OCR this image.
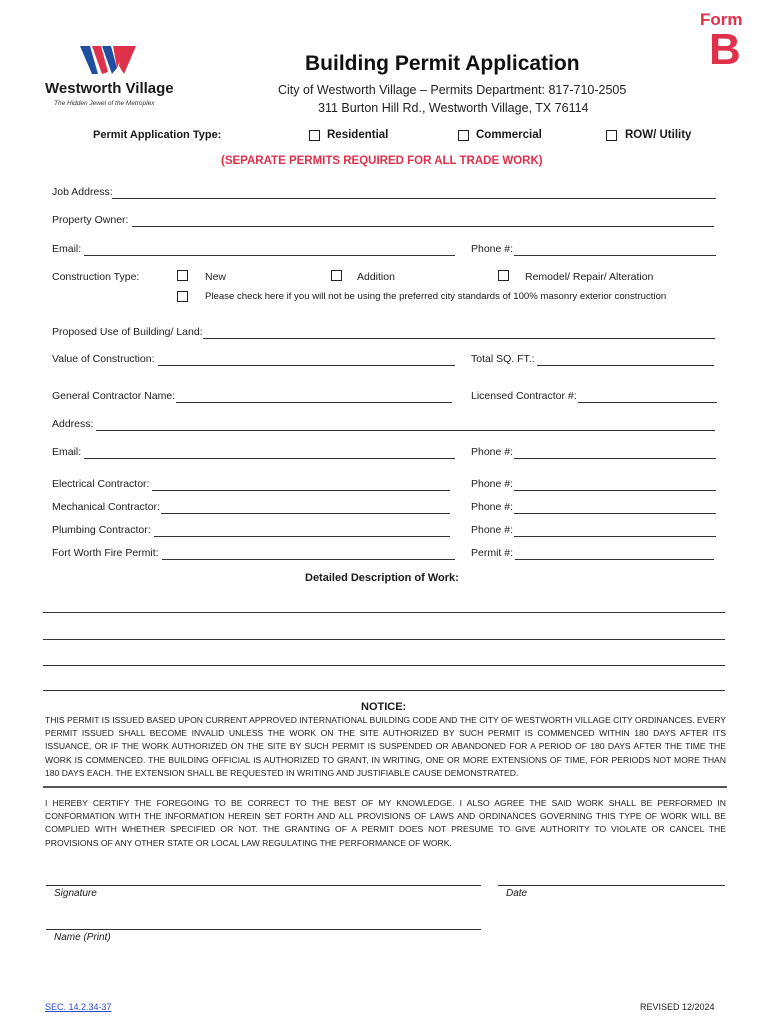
Form
B
Westworth Village
The Hidden Jewel of the Metroplex
Building Permit Application
City of Westworth Village – Permits Department: 817-710-2505
311 Burton Hill Rd., Westworth Village, TX 76114
Permit Application Type:	Residential	Commercial	ROW/ Utility
(SEPARATE PERMITS REQUIRED FOR ALL TRADE WORK)
Job Address:
Property Owner:
Email:	Phone #:
Construction Type:	New	Addition	Remodel/ Repair/ Alteration
Please check here if you will not be using the preferred city standards of 100% masonry exterior construction
Proposed Use of Building/ Land:
Value of Construction:	Total SQ. FT.:
General Contractor Name:	Licensed Contractor #:
Address:
Email:	Phone #:
Electrical Contractor:	Phone #:
Mechanical Contractor:	Phone #:
Plumbing Contractor:	Phone #:
Fort Worth Fire Permit:	Permit #:
Detailed Description of Work:
NOTICE:
THIS PERMIT IS ISSUED BASED UPON CURRENT APPROVED INTERNATIONAL BUILDING CODE AND THE CITY OF WESTWORTH VILLAGE CITY ORDINANCES. EVERY PERMIT ISSUED SHALL BECOME INVALID UNLESS THE WORK ON THE SITE AUTHORIZED BY SUCH PERMIT IS COMMENCED WITHIN 180 DAYS AFTER ITS ISSUANCE, OR IF THE WORK AUTHORIZED ON THE SITE BY SUCH PERMIT IS SUSPENDED OR ABANDONED FOR A PERIOD OF 180 DAYS AFTER THE TIME THE WORK IS COMMENCED. THE BUILDING OFFICIAL IS AUTHORIZED TO GRANT, IN WRITING, ONE OR MORE EXTENSIONS OF TIME, FOR PERIODS NOT MORE THAN 180 DAYS EACH. THE EXTENSION SHALL BE REQUESTED IN WRITING AND JUSTIFIABLE CAUSE DEMONSTRATED.
I HEREBY CERTIFY THE FOREGOING TO BE CORRECT TO THE BEST OF MY KNOWLEDGE. I ALSO AGREE THE SAID WORK SHALL BE PERFORMED IN CONFORMATION WITH THE INFORMATION HEREIN SET FORTH AND ALL PROVISIONS OF LAWS AND ORDINANCES GOVERNING THIS TYPE OF WORK WILL BE COMPLIED WITH WHETHER SPECIFIED OR NOT. THE GRANTING OF A PERMIT DOES NOT PRESUME TO GIVE AUTHORITY TO VIOLATE OR CANCEL THE PROVISIONS OF ANY OTHER STATE OR LOCAL LAW REGULATING THE PERFORMANCE OF WORK.
Signature	Date
Name (Print)
SEC. 14.2.34-37	REVISED 12/2024
